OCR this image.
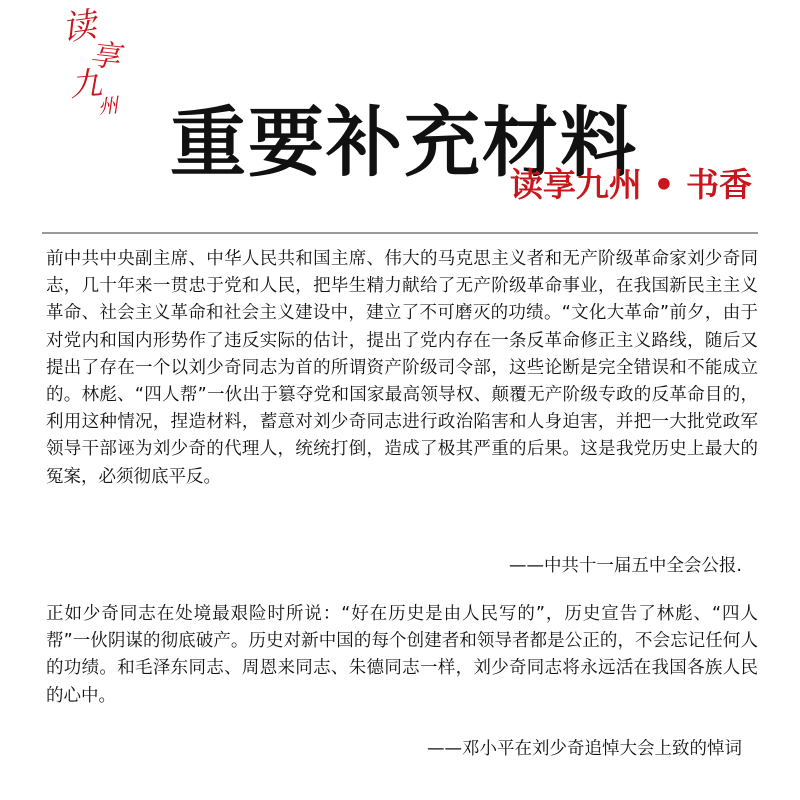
读
享
九
州 重要补充材料
读享九州 • 书香

前中共中央副主席、中华人民共和国主席、伟大的马克思主义者和无产阶级革命家刘少奇同志，几十年来一贯忠于党和人民，把毕生精力献给了无产阶级革命事业，在我国新民主主义革命、社会主义革命和社会主义建设中，建立了不可磨灭的功绩。“文化大革命”前夕，由于对党内和国内形势作了违反实际的估计，提出了党内存在一条反革命修正主义路线，随后又提出了存在一个以刘少奇同志为首的所谓资产阶级司令部，这些论断是完全错误和不能成立的。林彪、“四人帮”一伙出于篡夺党和国家最高领导权、颠覆无产阶级专政的反革命目的，利用这种情况，捏造材料，蓄意对刘少奇同志进行政治陷害和人身迫害，并把一大批党政军领导干部诬为刘少奇的代理人，统统打倒，造成了极其严重的后果。这是我党历史上最大的冤案，必须彻底平反。

——中共十一届五中全会公报.

正如少奇同志在处境最艰险时所说：“好在历史是由人民写的”，历史宣告了林彪、“四人帮”一伙阴谋的彻底破产。历史对新中国的每个创建者和领导者都是公正的，不会忘记任何人的功绩。和毛泽东同志、周恩来同志、朱德同志一样，刘少奇同志将永远活在我国各族人民的心中。

——邓小平在刘少奇追悼大会上致的悼词
